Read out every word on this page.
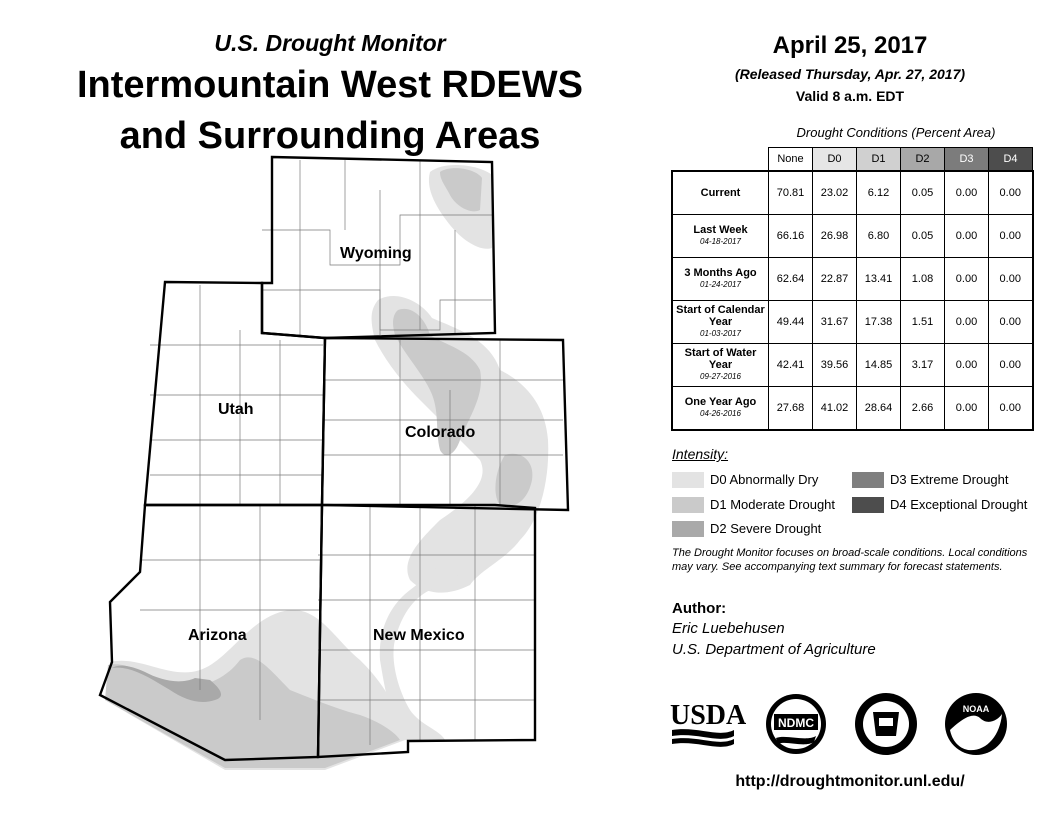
U.S. Drought Monitor
Intermountain West RDEWS
and Surrounding Areas
Wyoming
Utah
Colorado
Arizona	New Mexico
April 25, 2017
(Released Thursday, Apr. 27, 2017)
Valid 8 a.m. EDT
Drought Conditions (Percent Area)
	None	D0	D1	D2	D3	D4
Current	70.81	23.02	6.12	0.05	0.00	0.00
Last Week
04-18-2017	66.16	26.98	6.80	0.05	0.00	0.00
3 Months Ago
01-24-2017	62.64	22.87	13.41	1.08	0.00	0.00
Start of Calendar Year
01-03-2017	49.44	31.67	17.38	1.51	0.00	0.00
Start of Water Year
09-27-2016	42.41	39.56	14.85	3.17	0.00	0.00
One Year Ago
04-26-2016	27.68	41.02	28.64	2.66	0.00	0.00
Intensity:
D0 Abnormally Dry
D1 Moderate Drought
D2 Severe Drought
D3 Extreme Drought
D4 Exceptional Drought
The Drought Monitor focuses on broad-scale conditions. Local conditions may vary. See accompanying text summary for forecast statements.
Author:
Eric Luebehusen
U.S. Department of Agriculture
USDA	NDMC
NOAA
http://droughtmonitor.unl.edu/
